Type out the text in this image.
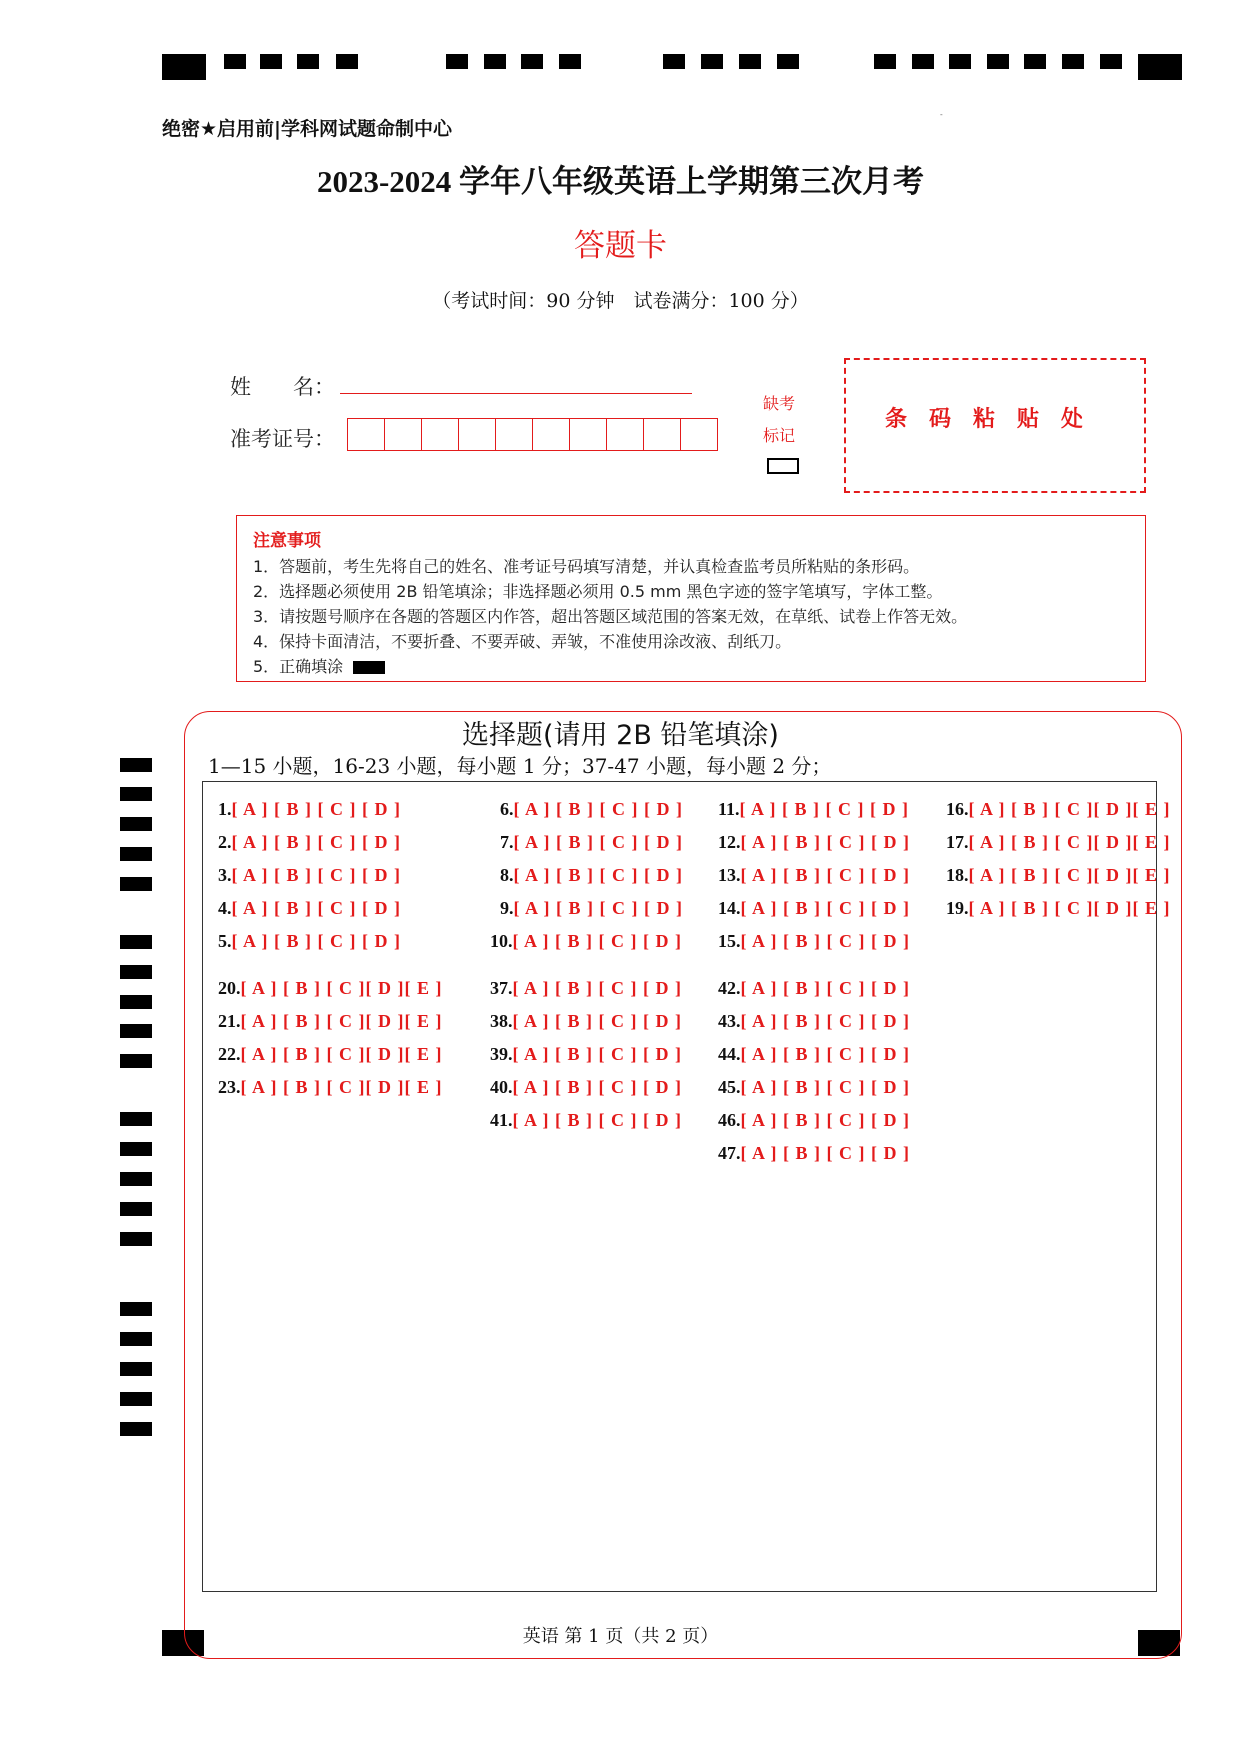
绝密★启用前|学科网试题命制中心
-
2023-2024 学年八年级英语上学期第三次月考
答题卡
（考试时间：90 分钟　试卷满分：100 分）
姓　　名：
准考证号：
缺考
标记
条码粘贴处
注意事项
1．答题前，考生先将自己的姓名、准考证号码填写清楚，并认真检查监考员所粘贴的条形码。
2．选择题必须使用 2B 铅笔填涂；非选择题必须用 0.5 mm 黑色字迹的签字笔填写，字体工整。
3．请按题号顺序在各题的答题区内作答，超出答题区域范围的答案无效，在草纸、试卷上作答无效。
4．保持卡面清洁，不要折叠、不要弄破、弄皱，不准使用涂改液、刮纸刀。
5．正确填涂
选择题(请用 2B 铅笔填涂)
1—15 小题，16-23 小题，每小题 1 分；37-47 小题，每小题 2 分；
1.[ A ] [ B ] [ C ] [ D ]
2.[ A ] [ B ] [ C ] [ D ]
3.[ A ] [ B ] [ C ] [ D ]
4.[ A ] [ B ] [ C ] [ D ]
5.[ A ] [ B ] [ C ] [ D ]
20.[ A ] [ B ] [ C ][ D ][ E ]
21.[ A ] [ B ] [ C ][ D ][ E ]
22.[ A ] [ B ] [ C ][ D ][ E ]
23.[ A ] [ B ] [ C ][ D ][ E ]
6.[ A ] [ B ] [ C ] [ D ]
7.[ A ] [ B ] [ C ] [ D ]
8.[ A ] [ B ] [ C ] [ D ]
9.[ A ] [ B ] [ C ] [ D ]
10.[ A ] [ B ] [ C ] [ D ]
37.[ A ] [ B ] [ C ] [ D ]
38.[ A ] [ B ] [ C ] [ D ]
39.[ A ] [ B ] [ C ] [ D ]
40.[ A ] [ B ] [ C ] [ D ]
41.[ A ] [ B ] [ C ] [ D ]
11.[ A ] [ B ] [ C ] [ D ]
12.[ A ] [ B ] [ C ] [ D ]
13.[ A ] [ B ] [ C ] [ D ]
14.[ A ] [ B ] [ C ] [ D ]
15.[ A ] [ B ] [ C ] [ D ]
42.[ A ] [ B ] [ C ] [ D ]
43.[ A ] [ B ] [ C ] [ D ]
44.[ A ] [ B ] [ C ] [ D ]
45.[ A ] [ B ] [ C ] [ D ]
46.[ A ] [ B ] [ C ] [ D ]
47.[ A ] [ B ] [ C ] [ D ]
16.[ A ] [ B ] [ C ][ D ][ E ]
17.[ A ] [ B ] [ C ][ D ][ E ]
18.[ A ] [ B ] [ C ][ D ][ E ]
19.[ A ] [ B ] [ C ][ D ][ E ]
英语 第 1 页（共 2 页）
